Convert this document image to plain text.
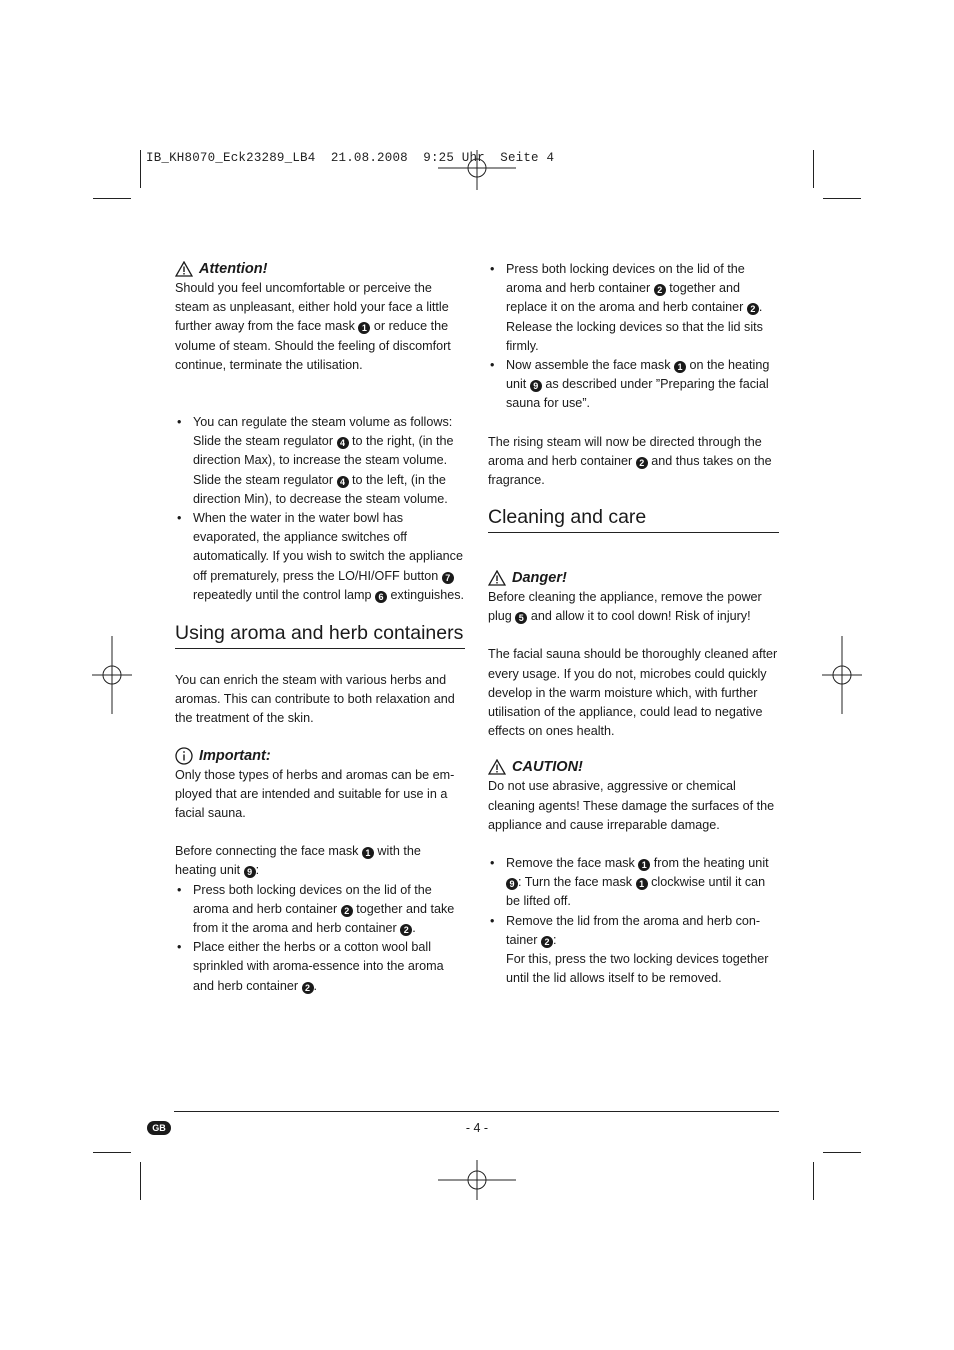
IB_KH8070_Eck23289_LB4  21.08.2008  9:25 Uhr  Seite 4
Attention!

Should you feel uncomfortable or perceive the steam as unpleasant, either hold your face a little further away from the face mask 1 or reduce the volume of steam. Should the feeling of discomfort continue, terminate the utilisation.

• You can regulate the steam volume as follows: Slide the steam regulator 4 to the right, (in the direction Max), to increase the steam volume. Slide the steam regulator 4 to the left, (in the direction Min), to decrease the steam volume.
• When the water in the water bowl has evaporated, the appliance switches off automatically. If you wish to switch the appliance off prematurely, press the LO/HI/OFF button 7 repeatedly until the control lamp 6 extinguishes.
Using aroma and herb containers

You can enrich the steam with various herbs and aromas. This can contribute to both relaxation and the treatment of the skin.

Important:

Only those types of herbs and aromas can be em-ployed that are intended and suitable for use in a facial sauna.

Before connecting the face mask 1 with the heating unit 9 :

• Press both locking devices on the lid of the aroma and herb container 2 together and take from it the aroma and herb container 2 .
• Place either the herbs or a cotton wool ball sprinkled with aroma-essence into the aroma and herb container 2 .
• Press both locking devices on the lid of the aroma and herb container 2 together and replace it on the aroma and herb container 2 . Release the locking devices so that the lid sits firmly.
• Now assemble the face mask 1 on the heating unit 9 as described under ”Preparing the facial sauna for use”.

The rising steam will now be directed through the aroma and herb container 2 and thus takes on the fragrance.

Cleaning and care
Danger!

Before cleaning the appliance, remove the power plug 5 and allow it to cool down! Risk of injury!

The facial sauna should be thoroughly cleaned after every usage. If you do not, microbes could quickly develop in the warm moisture which, with further utilisation of the appliance, could lead to negative effects on ones health.

CAUTION!

Do not use abrasive, aggressive or chemical cleaning agents! These damage the surfaces of the appliance and cause irreparable damage.

• Remove the face mask 1 from the heating unit 9 : Turn the face mask 1 clockwise until it can be lifted off.
• Remove the lid from the aroma and herb con-tainer 2 :
For this, press the two locking devices together until the lid allows itself to be removed.
GB	- 4 -
